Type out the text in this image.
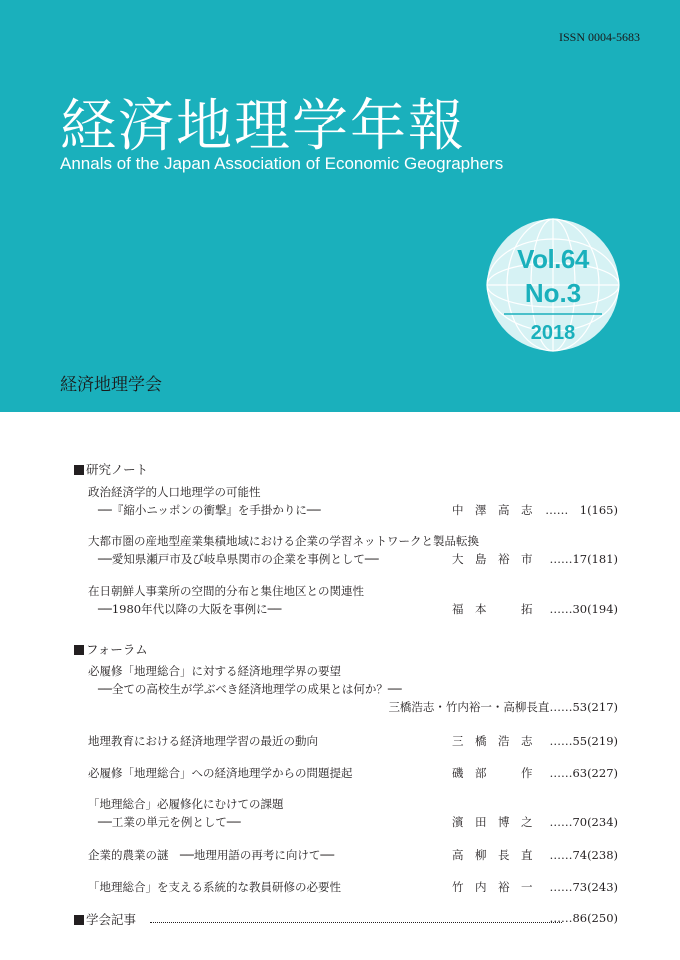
ISSN 0004-5683
経済地理学年報
Annals of the Japan Association of Economic Geographers
Vol.64
No.3
2018
経済地理学会
研究ノート
政治経済学的人口地理学の可能性
──『縮小ニッポンの衝撃』を手掛かりに──	中　澤　高　志 ……　1(165)
大都市圏の産地型産業集積地域における企業の学習ネットワークと製品転換
──愛知県瀬戸市及び岐阜県関市の企業を事例として──	大　島　裕　市 ……17(181)
在日朝鮮人事業所の空間的分布と集住地区との関連性
──1980年代以降の大阪を事例に──	福　本　　　拓 ……30(194)
フォーラム
必履修「地理総合」に対する経済地理学界の要望
──全ての高校生が学ぶべき経済地理学の成果とは何か？──
三橋浩志・竹内裕一・高柳長直……53(217)
地理教育における経済地理学習の最近の動向	三　橋　浩　志 ……55(219)
必履修「地理総合」への経済地理学からの問題提起	磯　部　　　作 ……63(227)
「地理総合」必履修化にむけての課題
──工業の単元を例として──	濱　田　博　之 ……70(234)
企業的農業の謎　──地理用語の再考に向けて──	高　柳　長　直 ……74(238)
「地理総合」を支える系統的な教員研修の必要性	竹　内　裕　一 ……73(243)
学会記事	……86(250)
